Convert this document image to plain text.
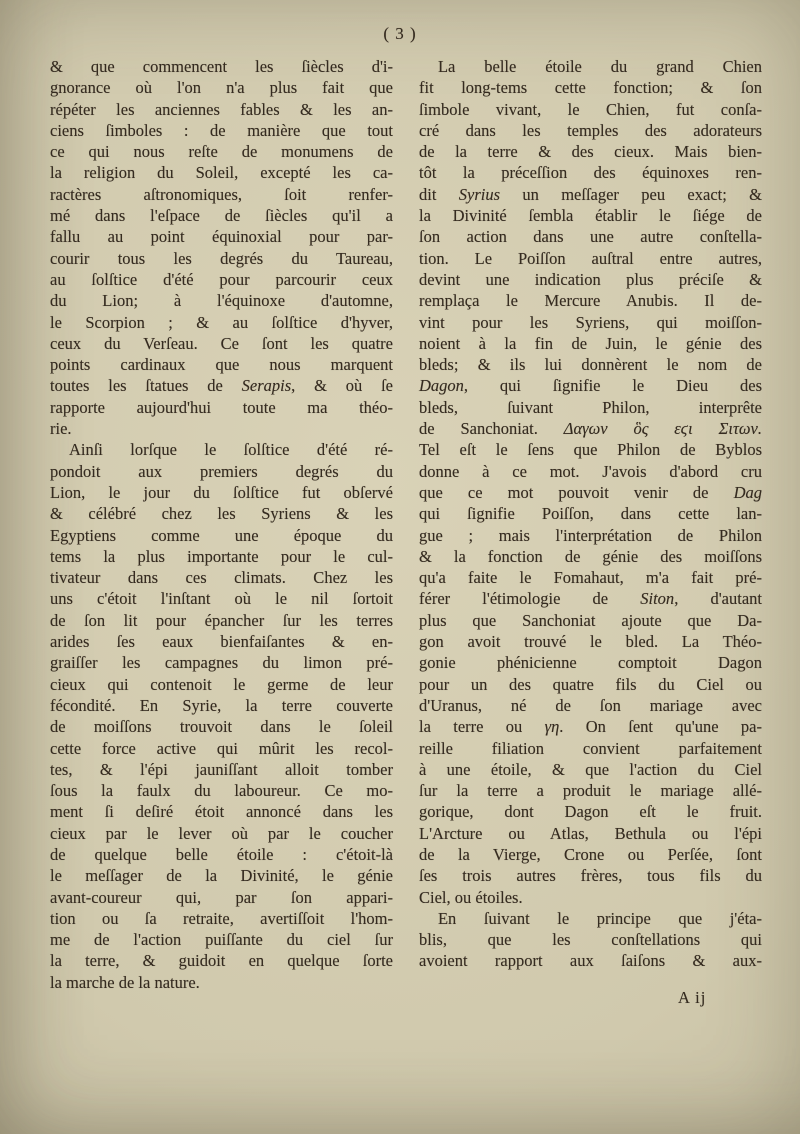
( 3 )
& que commencent les ſiècles d'i-
gnorance où l'on n'a plus fait que
répéter les anciennes fables & les an-
ciens ſimboles : de manière que tout
ce qui nous reſte de monumens de
la religion du Soleil, excepté les ca-
ractères aſtronomiques, ſoit renfer-
mé dans l'eſpace de ſiècles qu'il a
fallu au point équinoxial pour par-
courir tous les degrés du Taureau,
au ſolſtice d'été pour parcourir ceux
du Lion; à l'équinoxe d'automne,
le Scorpion ; & au ſolſtice d'hyver,
ceux du Verſeau. Ce ſont les quatre
points cardinaux que nous marquent
toutes les ſtatues de Serapis, & où ſe
rapporte aujourd'hui toute ma théo-
rie.
Ainſi lorſque le ſolſtice d'été ré-
pondoit aux premiers degrés du
Lion, le jour du ſolſtice fut obſervé
& célébré chez les Syriens & les
Egyptiens comme une époque du
tems la plus importante pour le cul-
tivateur dans ces climats. Chez les
uns c'étoit l'inſtant où le nil ſortoit
de ſon lit pour épancher ſur les terres
arides ſes eaux bienfaiſantes & en-
graiſſer les campagnes du limon pré-
cieux qui contenoit le germe de leur
fécondité. En Syrie, la terre couverte
de moiſſons trouvoit dans le ſoleil
cette force active qui mûrit les recol-
tes, & l'épi jauniſſant alloit tomber
ſous la faulx du laboureur. Ce mo-
ment ſi deſiré étoit annoncé dans les
cieux par le lever où par le coucher
de quelque belle étoile : c'étoit-là
le meſſager de la Divinité, le génie
avant-coureur qui, par ſon appari-
tion ou ſa retraite, avertiſſoit l'hom-
me de l'action puiſſante du ciel ſur
la terre, & guidoit en quelque ſorte
la marche de la nature.
La belle étoile du grand Chien
fit long-tems cette fonction; & ſon
ſimbole vivant, le Chien, fut conſa-
cré dans les temples des adorateurs
de la terre & des cieux. Mais bien-
tôt la préceſſion des équinoxes ren-
dit Syrius un meſſager peu exact; &
la Divinité ſembla établir le ſiége de
ſon action dans une autre conſtella-
tion. Le Poiſſon auſtral entre autres,
devint une indication plus préciſe &
remplaça le Mercure Anubis. Il de-
vint pour les Syriens, qui moiſſon-
noient à la fin de Juin, le génie des
bleds; & ils lui donnèrent le nom de
Dagon, qui ſignifie le Dieu des
bleds, ſuivant Philon, interprête
de Sanchoniat. Δαγων ὃς εϛι Σιτων.
Tel eſt le ſens que Philon de Byblos
donne à ce mot. J'avois d'abord cru
que ce mot pouvoit venir de Dag
qui ſignifie Poiſſon, dans cette lan-
gue ; mais l'interprétation de Philon
& la fonction de génie des moiſſons
qu'a faite le Fomahaut, m'a fait pré-
férer l'étimologie de Siton, d'autant
plus que Sanchoniat ajoute que Da-
gon avoit trouvé le bled. La Théo-
gonie phénicienne comptoit Dagon
pour un des quatre fils du Ciel ou
d'Uranus, né de ſon mariage avec
la terre ou γη. On ſent qu'une pa-
reille filiation convient parfaitement
à une étoile, & que l'action du Ciel
ſur la terre a produit le mariage allé-
gorique, dont Dagon eſt le fruit.
L'Arcture ou Atlas, Bethula ou l'épi
de la Vierge, Crone ou Perſée, ſont
ſes trois autres frères, tous fils du
Ciel, ou étoiles.
En ſuivant le principe que j'éta-
blis, que les conſtellations qui
avoient rapport aux ſaiſons & aux-
A ij
